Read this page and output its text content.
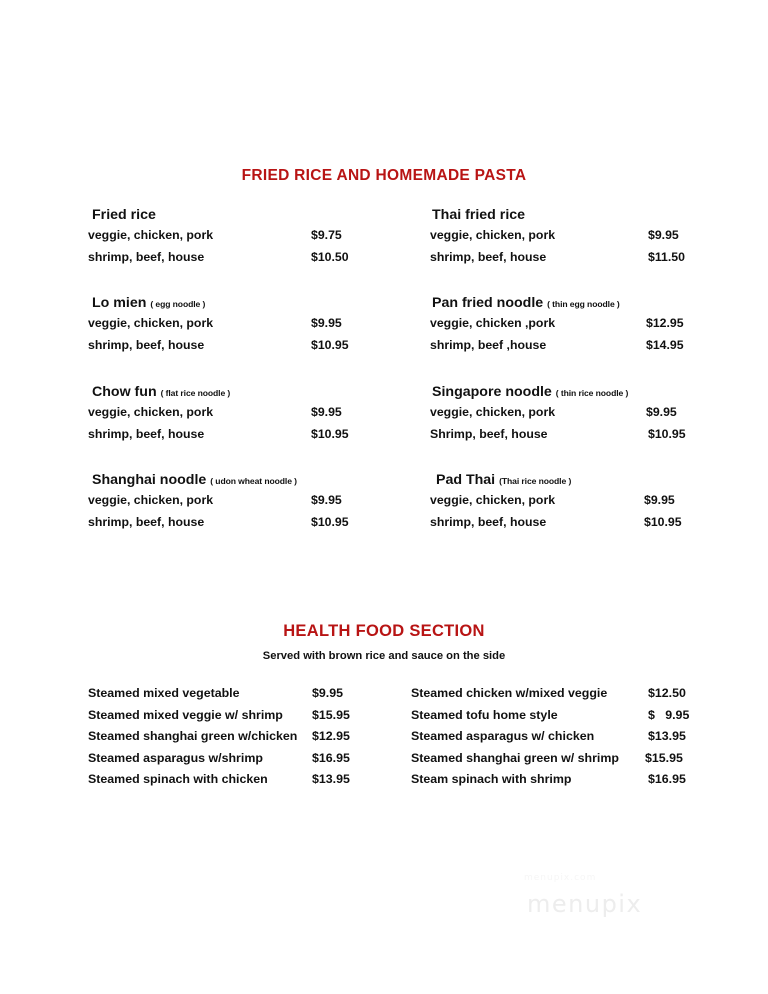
FRIED RICE AND HOMEMADE PASTA
Fried rice
veggie, chicken, pork	$9.75
shrimp, beef, house	$10.50
Lo mien ( egg noodle )
veggie, chicken, pork	$9.95
shrimp, beef, house	$10.95
Chow fun ( flat rice noodle )
veggie, chicken, pork	$9.95
shrimp, beef, house	$10.95
Shanghai noodle ( udon wheat noodle )
veggie, chicken, pork	$9.95
shrimp, beef, house	$10.95
Thai fried rice
veggie, chicken, pork	$9.95
shrimp, beef, house	$11.50
Pan fried noodle ( thin egg noodle )
veggie, chicken ,pork	$12.95
shrimp, beef ,house	$14.95
Singapore noodle ( thin rice noodle )
veggie, chicken, pork	$9.95
Shrimp, beef, house	$10.95
Pad Thai (Thai rice noodle )
veggie, chicken, pork	$9.95
shrimp, beef, house	$10.95
HEALTH FOOD SECTION
Served with brown rice and sauce on the side
Steamed mixed vegetable	$9.95
Steamed mixed veggie w/ shrimp $15.95
Steamed shanghai green w/chicken $12.95
Steamed asparagus w/shrimp	$16.95
Steamed spinach with chicken	$13.95
Steamed chicken w/mixed veggie	$12.50
Steamed tofu home style	$   9.95
Steamed asparagus w/ chicken	$13.95
Steamed shanghai green w/ shrimp $15.95
Steam spinach with shrimp	$16.95
menupix.com
menupix
